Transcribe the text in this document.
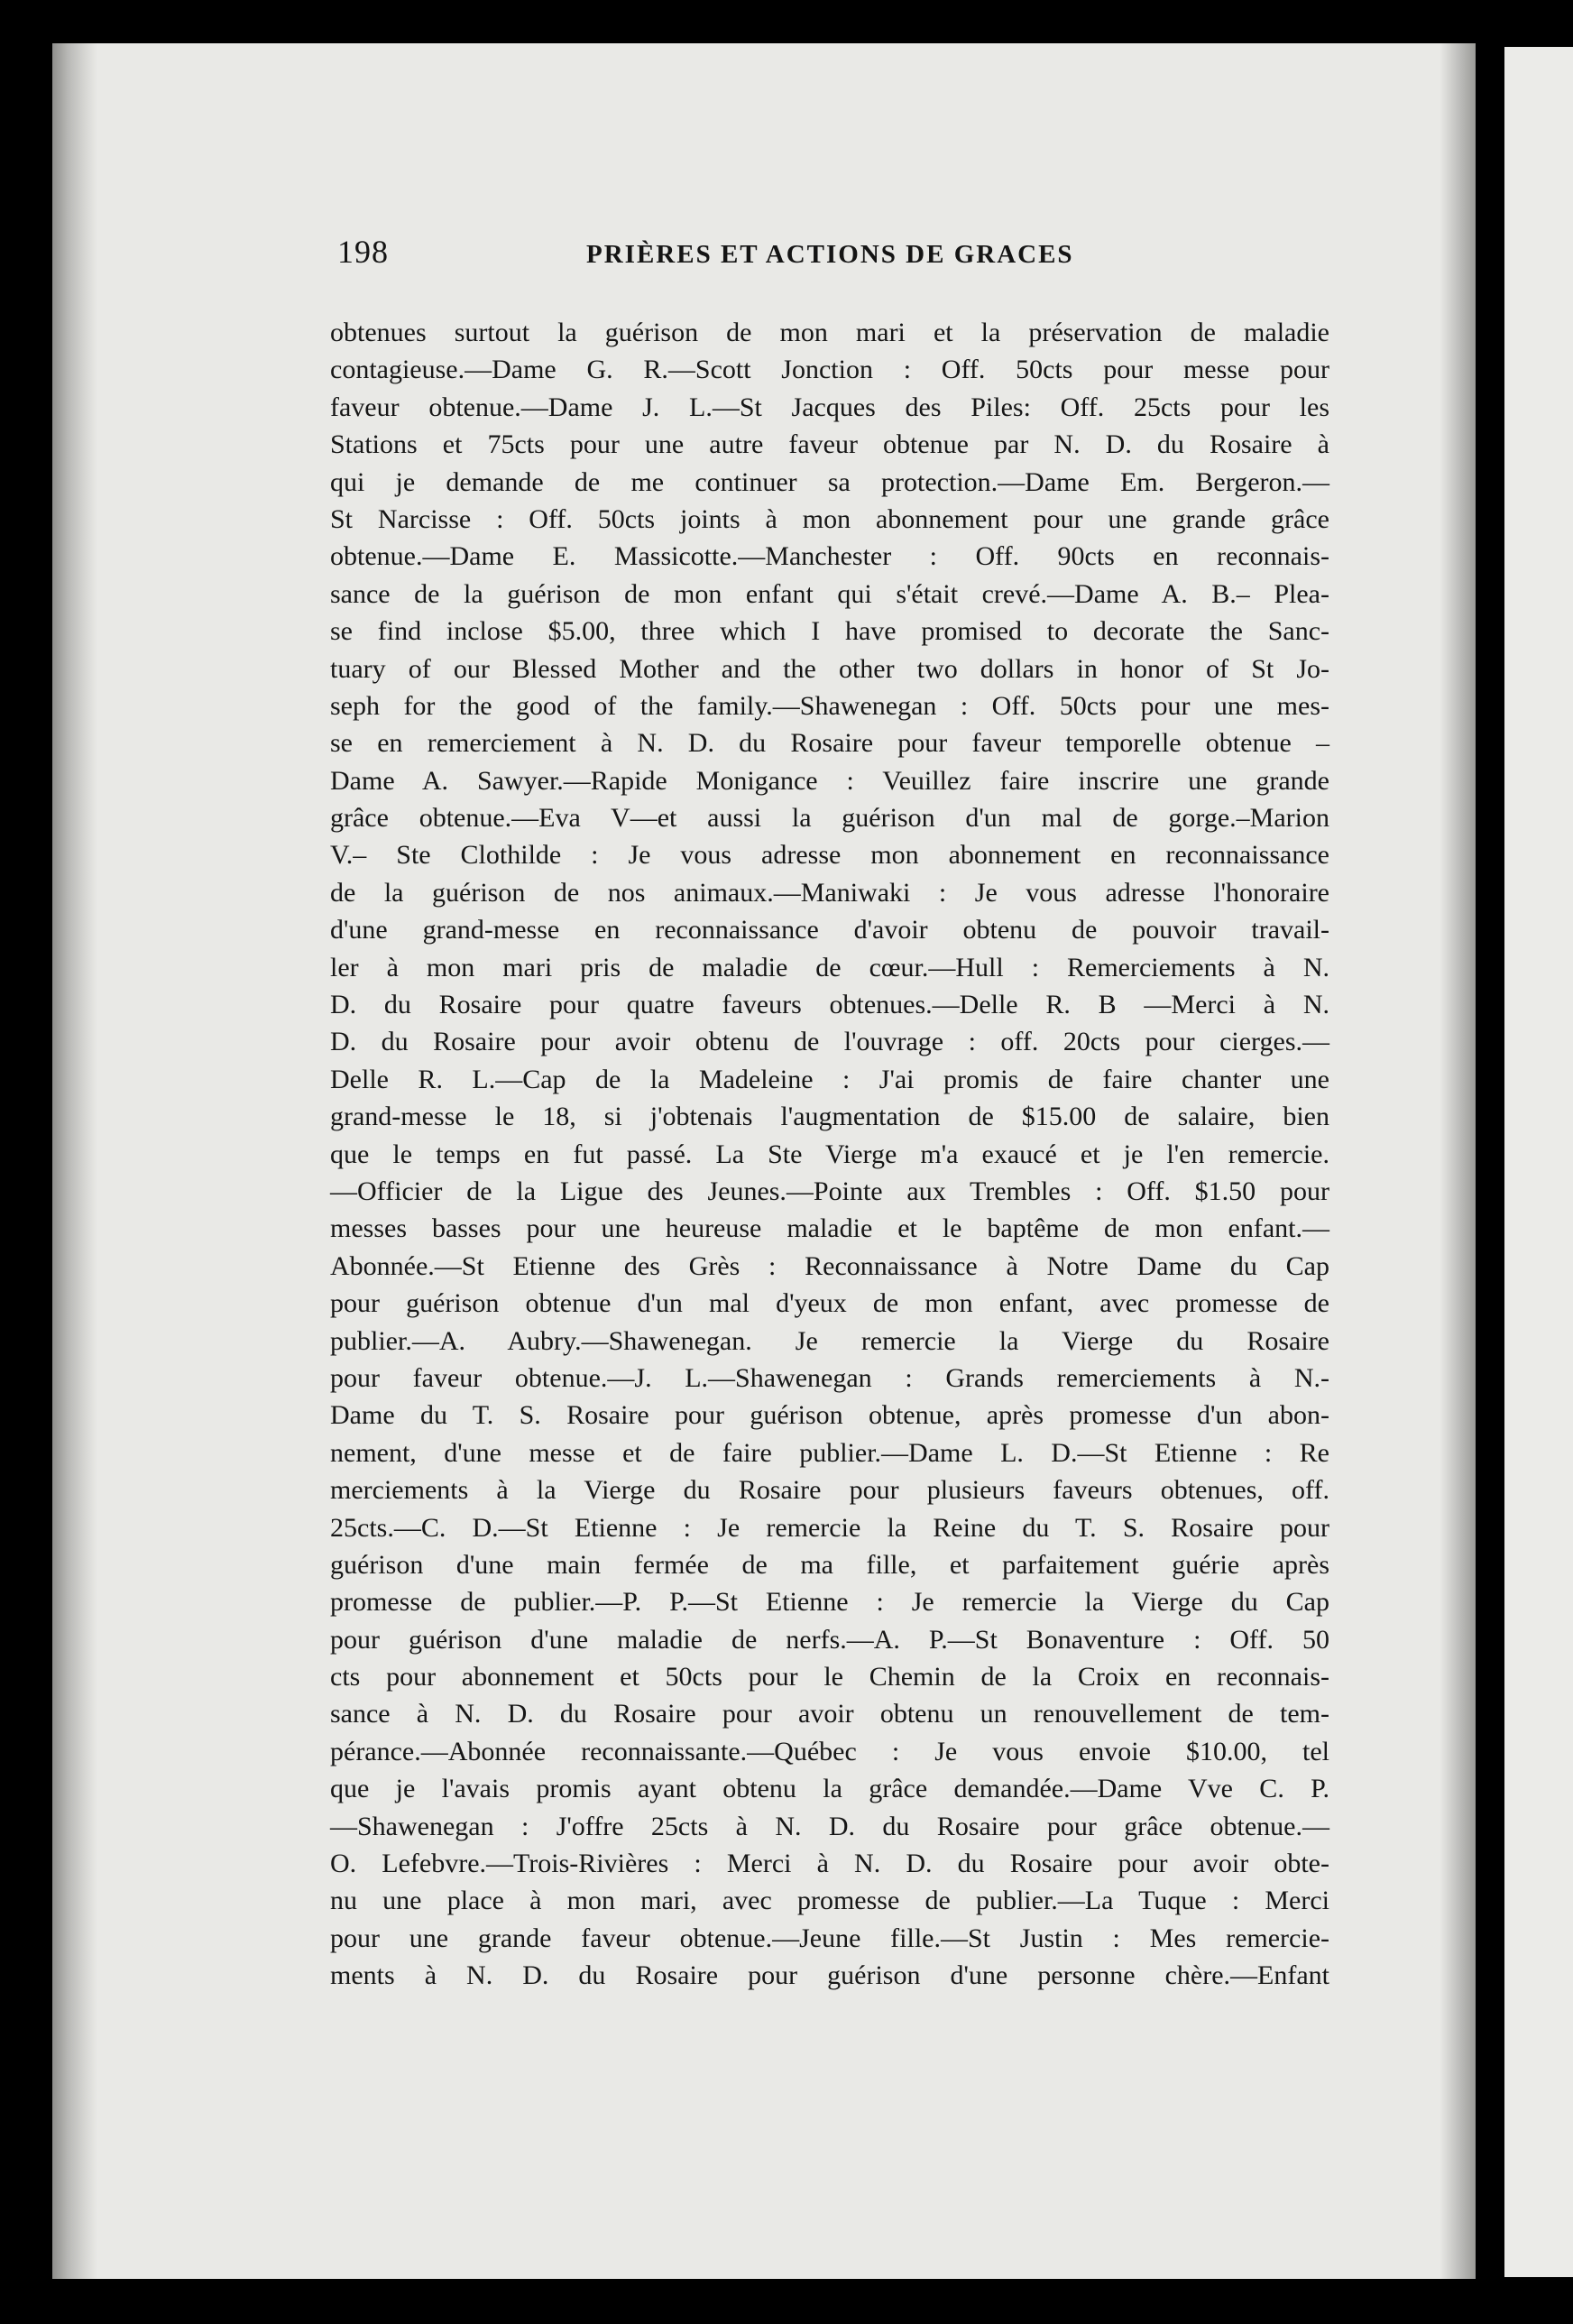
198	PRIÈRES ET ACTIONS DE GRACES
obtenues surtout la guérison de mon mari et la préservation de maladie
contagieuse.—Dame G. R.—Scott Jonction : Off. 50cts pour messe pour
faveur obtenue.—Dame J. L.—St Jacques des Piles: Off. 25cts pour les
Stations et 75cts pour une autre faveur obtenue par N. D. du Rosaire à
qui je demande de me continuer sa protection.—Dame Em. Bergeron.—
St Narcisse : Off. 50cts joints à mon abonnement pour une grande grâce
obtenue.—Dame E. Massicotte.—Manchester : Off. 90cts en reconnais-
sance de la guérison de mon enfant qui s'était crevé.—Dame A. B.– Plea-
se find inclose $5.00, three which I have promised to decorate the Sanc-
tuary of our Blessed Mother and the other two dollars in honor of St Jo-
seph for the good of the family.—Shawenegan : Off. 50cts pour une mes-
se en remerciement à N. D. du Rosaire pour faveur temporelle obtenue –
Dame A. Sawyer.—Rapide Monigance : Veuillez faire inscrire une grande
grâce obtenue.—Eva V—et aussi la guérison d'un mal de gorge.–Marion
V.– Ste Clothilde : Je vous adresse mon abonnement en reconnaissance
de la guérison de nos animaux.—Maniwaki : Je vous adresse l'honoraire
d'une grand-messe en reconnaissance d'avoir obtenu de pouvoir travail-
ler à mon mari pris de maladie de cœur.—Hull : Remerciements à N.
D. du Rosaire pour quatre faveurs obtenues.—Delle R. B —Merci à N.
D. du Rosaire pour avoir obtenu de l'ouvrage : off. 20cts pour cierges.—
Delle R. L.—Cap de la Madeleine : J'ai promis de faire chanter une
grand-messe le 18, si j'obtenais l'augmentation de $15.00 de salaire, bien
que le temps en fut passé. La Ste Vierge m'a exaucé et je l'en remercie.
—Officier de la Ligue des Jeunes.—Pointe aux Trembles : Off. $1.50 pour
messes basses pour une heureuse maladie et le baptême de mon enfant.—
Abonnée.—St Etienne des Grès : Reconnaissance à Notre Dame du Cap
pour guérison obtenue d'un mal d'yeux de mon enfant, avec promesse de
publier.—A. Aubry.—Shawenegan. Je remercie la Vierge du Rosaire
pour faveur obtenue.—J. L.—Shawenegan : Grands remerciements à N.-
Dame du T. S. Rosaire pour guérison obtenue, après promesse d'un abon-
nement, d'une messe et de faire publier.—Dame L. D.—St Etienne : Re
merciements à la Vierge du Rosaire pour plusieurs faveurs obtenues, off.
25cts.—C. D.—St Etienne : Je remercie la Reine du T. S. Rosaire pour
guérison d'une main fermée de ma fille, et parfaitement guérie après
promesse de publier.—P. P.—St Etienne : Je remercie la Vierge du Cap
pour guérison d'une maladie de nerfs.—A. P.—St Bonaventure : Off. 50
cts pour abonnement et 50cts pour le Chemin de la Croix en reconnais-
sance à N. D. du Rosaire pour avoir obtenu un renouvellement de tem-
pérance.—Abonnée reconnaissante.—Québec : Je vous envoie $10.00, tel
que je l'avais promis ayant obtenu la grâce demandée.—Dame Vve C. P.
—Shawenegan : J'offre 25cts à N. D. du Rosaire pour grâce obtenue.—
O. Lefebvre.—Trois-Rivières : Merci à N. D. du Rosaire pour avoir obte-
nu une place à mon mari, avec promesse de publier.—La Tuque : Merci
pour une grande faveur obtenue.—Jeune fille.—St Justin : Mes remercie-
ments à N. D. du Rosaire pour guérison d'une personne chère.—Enfant
